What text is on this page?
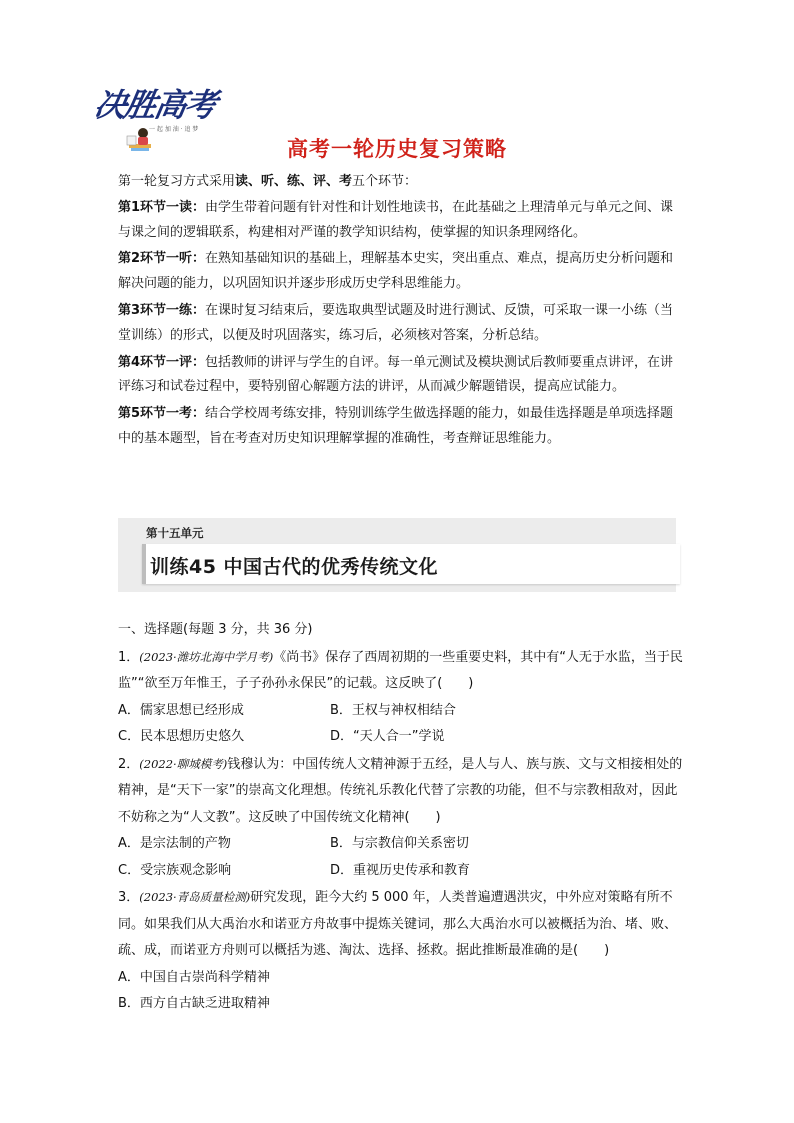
决胜高考
一 起 加 油 · 追 梦
高考一轮历史复习策略

第一轮复习方式采用读、听、练、评、考五个环节：

第1环节一读：由学生带着问题有针对性和计划性地读书，在此基础之上理清单元与单元之间、课与课之间的逻辑联系，构建相对严谨的教学知识结构，使掌握的知识条理网络化。

第2环节一听：在熟知基础知识的基础上，理解基本史实，突出重点、难点，提高历史分析问题和解决问题的能力，以巩固知识并逐步形成历史学科思维能力。

第3环节一练：在课时复习结束后，要选取典型试题及时进行测试、反馈，可采取一课一小练（当堂训练）的形式，以便及时巩固落实，练习后，必须核对答案，分析总结。

第4环节一评：包括教师的讲评与学生的自评。每一单元测试及模块测试后教师要重点讲评，在讲评练习和试卷过程中，要特别留心解题方法的讲评，从而减少解题错误，提高应试能力。

第5环节一考：结合学校周考练安排，特别训练学生做选择题的能力，如最佳选择题是单项选择题中的基本题型，旨在考查对历史知识理解掌握的准确性，考查辩证思维能力。

第十五单元
训练45 中国古代的优秀传统文化

一、选择题(每题 3 分，共 36 分)

1．(2023·潍坊北海中学月考)《尚书》保存了西周初期的一些重要史料，其中有“人无于水监，当于民监”“欲至万年惟王，子子孙孙永保民”的记载。这反映了(　　)

A．儒家思想已经形成	B．王权与神权相结合
C．民本思想历史悠久	D．“天人合一”学说

2．(2022·聊城模考)钱穆认为：中国传统人文精神源于五经，是人与人、族与族、文与文相接相处的精神，是“天下一家”的崇高文化理想。传统礼乐教化代替了宗教的功能，但不与宗教相敌对，因此不妨称之为“人文教”。这反映了中国传统文化精神(　　)

A．是宗法制的产物	B．与宗教信仰关系密切
C．受宗族观念影响	D．重视历史传承和教育

3．(2023·青岛质量检测)研究发现，距今大约 5 000 年，人类普遍遭遇洪灾，中外应对策略有所不同。如果我们从大禹治水和诺亚方舟故事中提炼关键词，那么大禹治水可以被概括为治、堵、败、疏、成，而诺亚方舟则可以概括为逃、淘汰、选择、拯救。据此推断最准确的是(　　)

A．中国自古崇尚科学精神

B．西方自古缺乏进取精神
